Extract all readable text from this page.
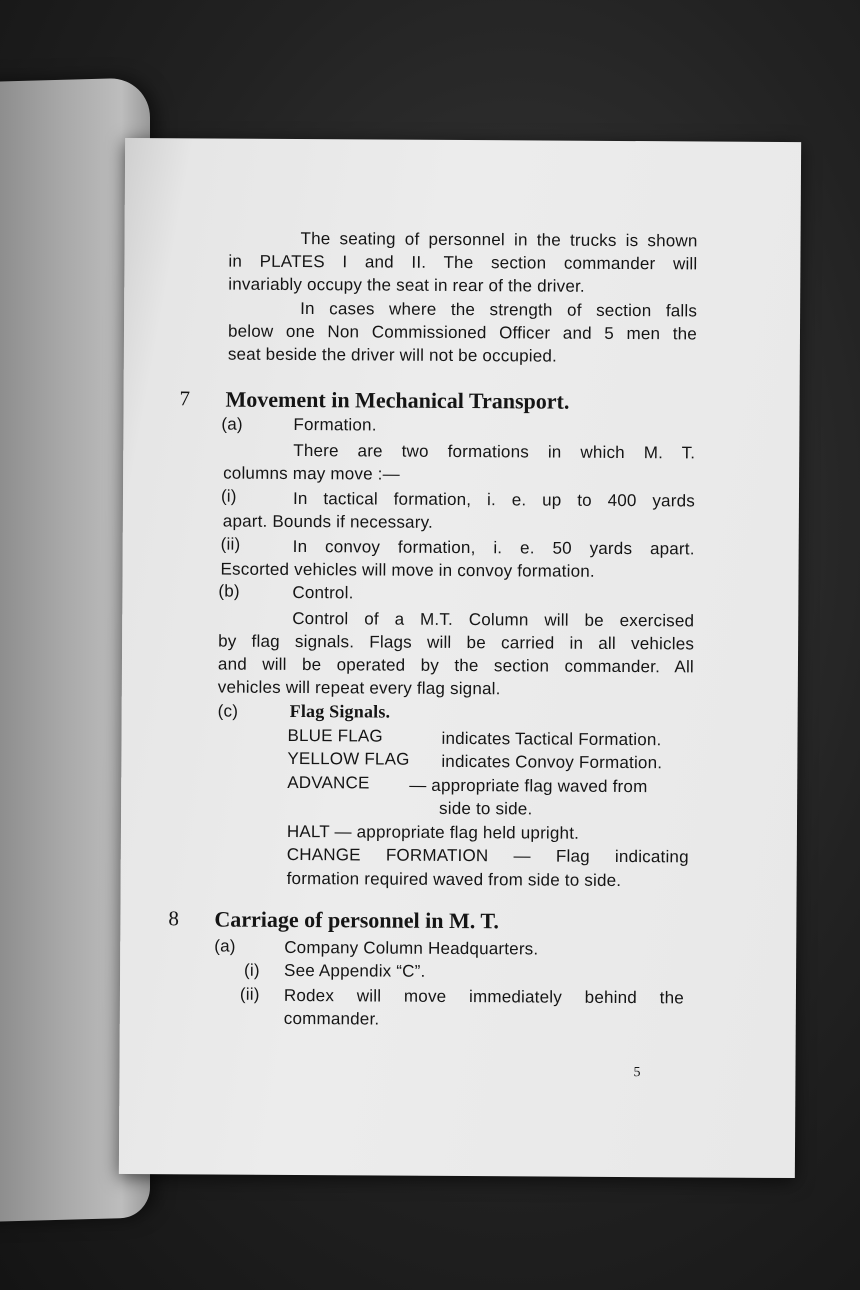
The seating of personnel in the trucks is shown
in PLATES I and II. The section commander will
invariably occupy the seat in rear of the driver.
In cases where the strength of section falls
below one Non Commissioned Officer and 5 men the
seat beside the driver will not be occupied.
7 Movement in Mechanical Transport.
(a)	Formation.
There are two formations in which M. T.
columns may move :—
(i)	In tactical formation, i. e. up to 400 yards
apart. Bounds if necessary.
(ii)	In convoy formation, i. e. 50 yards apart.
Escorted vehicles will move in convoy formation.
(b)	Control.
Control of a M.T. Column will be exercised
by flag signals. Flags will be carried in all vehicles
and will be operated by the section commander. All
vehicles will repeat every flag signal.
(c)	Flag Signals.
BLUE FLAG	indicates Tactical Formation.
YELLOW FLAG indicates Convoy Formation.
ADVANCE — appropriate flag waved from
side to side.
HALT — appropriate flag held upright.
CHANGE FORMATION — Flag indicating
formation required waved from side to side.
8 Carriage of personnel in M. T.
(a)	Company Column Headquarters.
(i) See Appendix “C”.
(ii) Rodex will move immediately behind the
commander.
5
